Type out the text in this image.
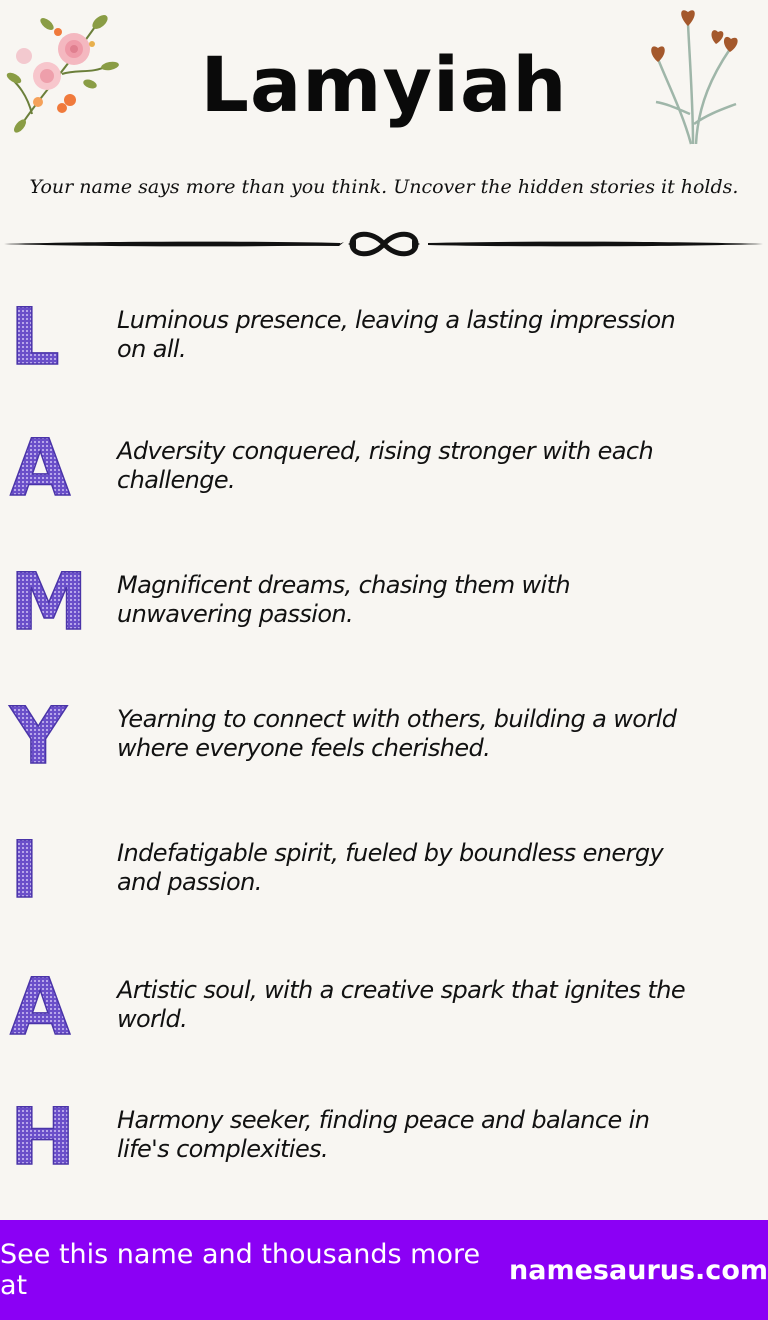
Lamyiah
Your name says more than you think. Uncover the hidden stories it holds.
L Luminous presence, leaving a lasting impression on all.
A Adversity conquered, rising stronger with each challenge.
M Magnificent dreams, chasing them with unwavering passion.
Y Yearning to connect with others, building a world where everyone feels cherished.
I	Indefatigable spirit, fueled by boundless energy and passion.
A Artistic soul, with a creative spark that ignites the world.
H Harmony seeker, finding peace and balance in life's complexities.
See this name and thousands more at	namesaurus.com
